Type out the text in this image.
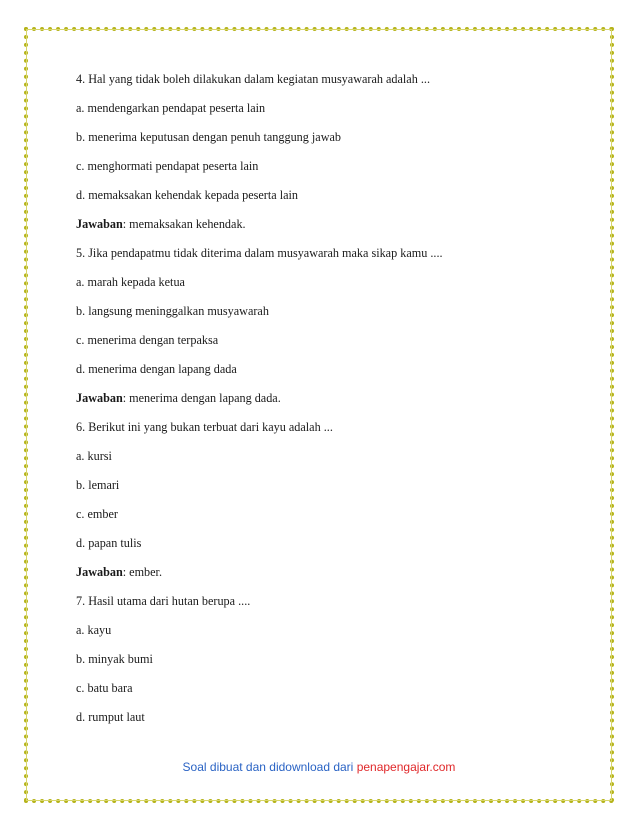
4. Hal yang tidak boleh dilakukan dalam kegiatan musyawarah adalah ...
a. mendengarkan pendapat peserta lain
b. menerima keputusan dengan penuh tanggung jawab
c. menghormati pendapat peserta lain
d. memaksakan kehendak kepada peserta lain
Jawaban: memaksakan kehendak.
5. Jika pendapatmu tidak diterima dalam musyawarah maka sikap kamu ....
a. marah kepada ketua
b. langsung meninggalkan musyawarah
c. menerima dengan terpaksa
d. menerima dengan lapang dada
Jawaban: menerima dengan lapang dada.
6. Berikut ini yang bukan terbuat dari kayu adalah ...
a. kursi
b. lemari
c. ember
d. papan tulis
Jawaban: ember.
7. Hasil utama dari hutan berupa ....
a. kayu
b. minyak bumi
c. batu bara
d. rumput laut
Soal dibuat dan didownload dari penapengajar.com
